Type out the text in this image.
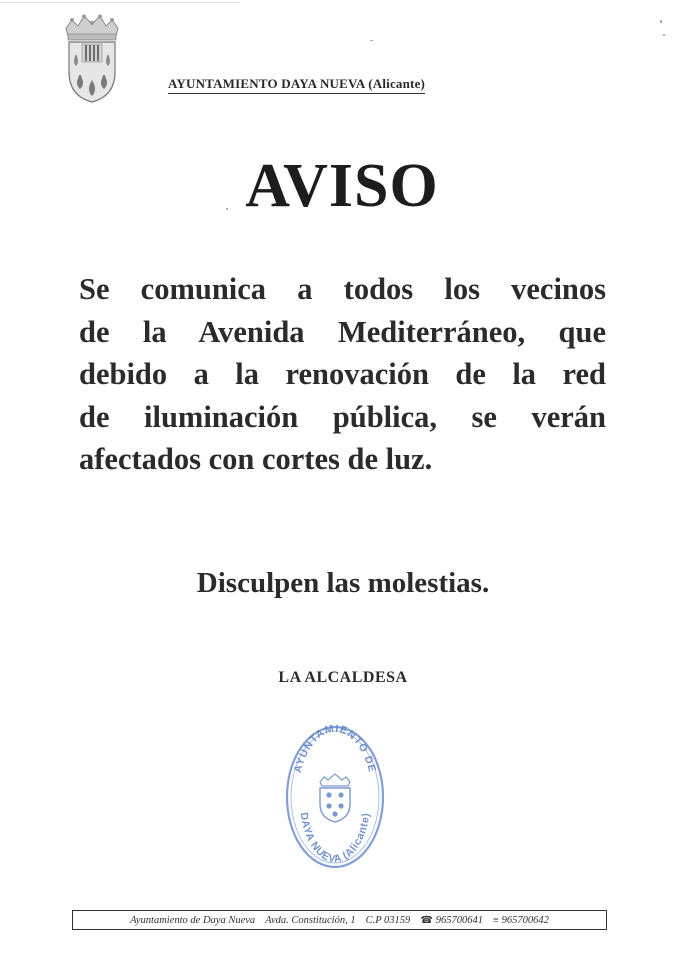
AYUNTAMIENTO DAYA NUEVA (Alicante)
AVISO
Se comunica a todos los vecinos
de la Avenida Mediterráneo, que
debido a la renovación de la red
de iluminación pública, se verán
afectados con cortes de luz.
Disculpen las molestias.
LA ALCALDESA
AYUNTAMIENTO DE
DAYA NUEVA (Alicante)
Ayuntamiento de Daya Nueva Avda. Constitución, 1 C.P 03159 ☎ 965700641 ≡ 965700642
